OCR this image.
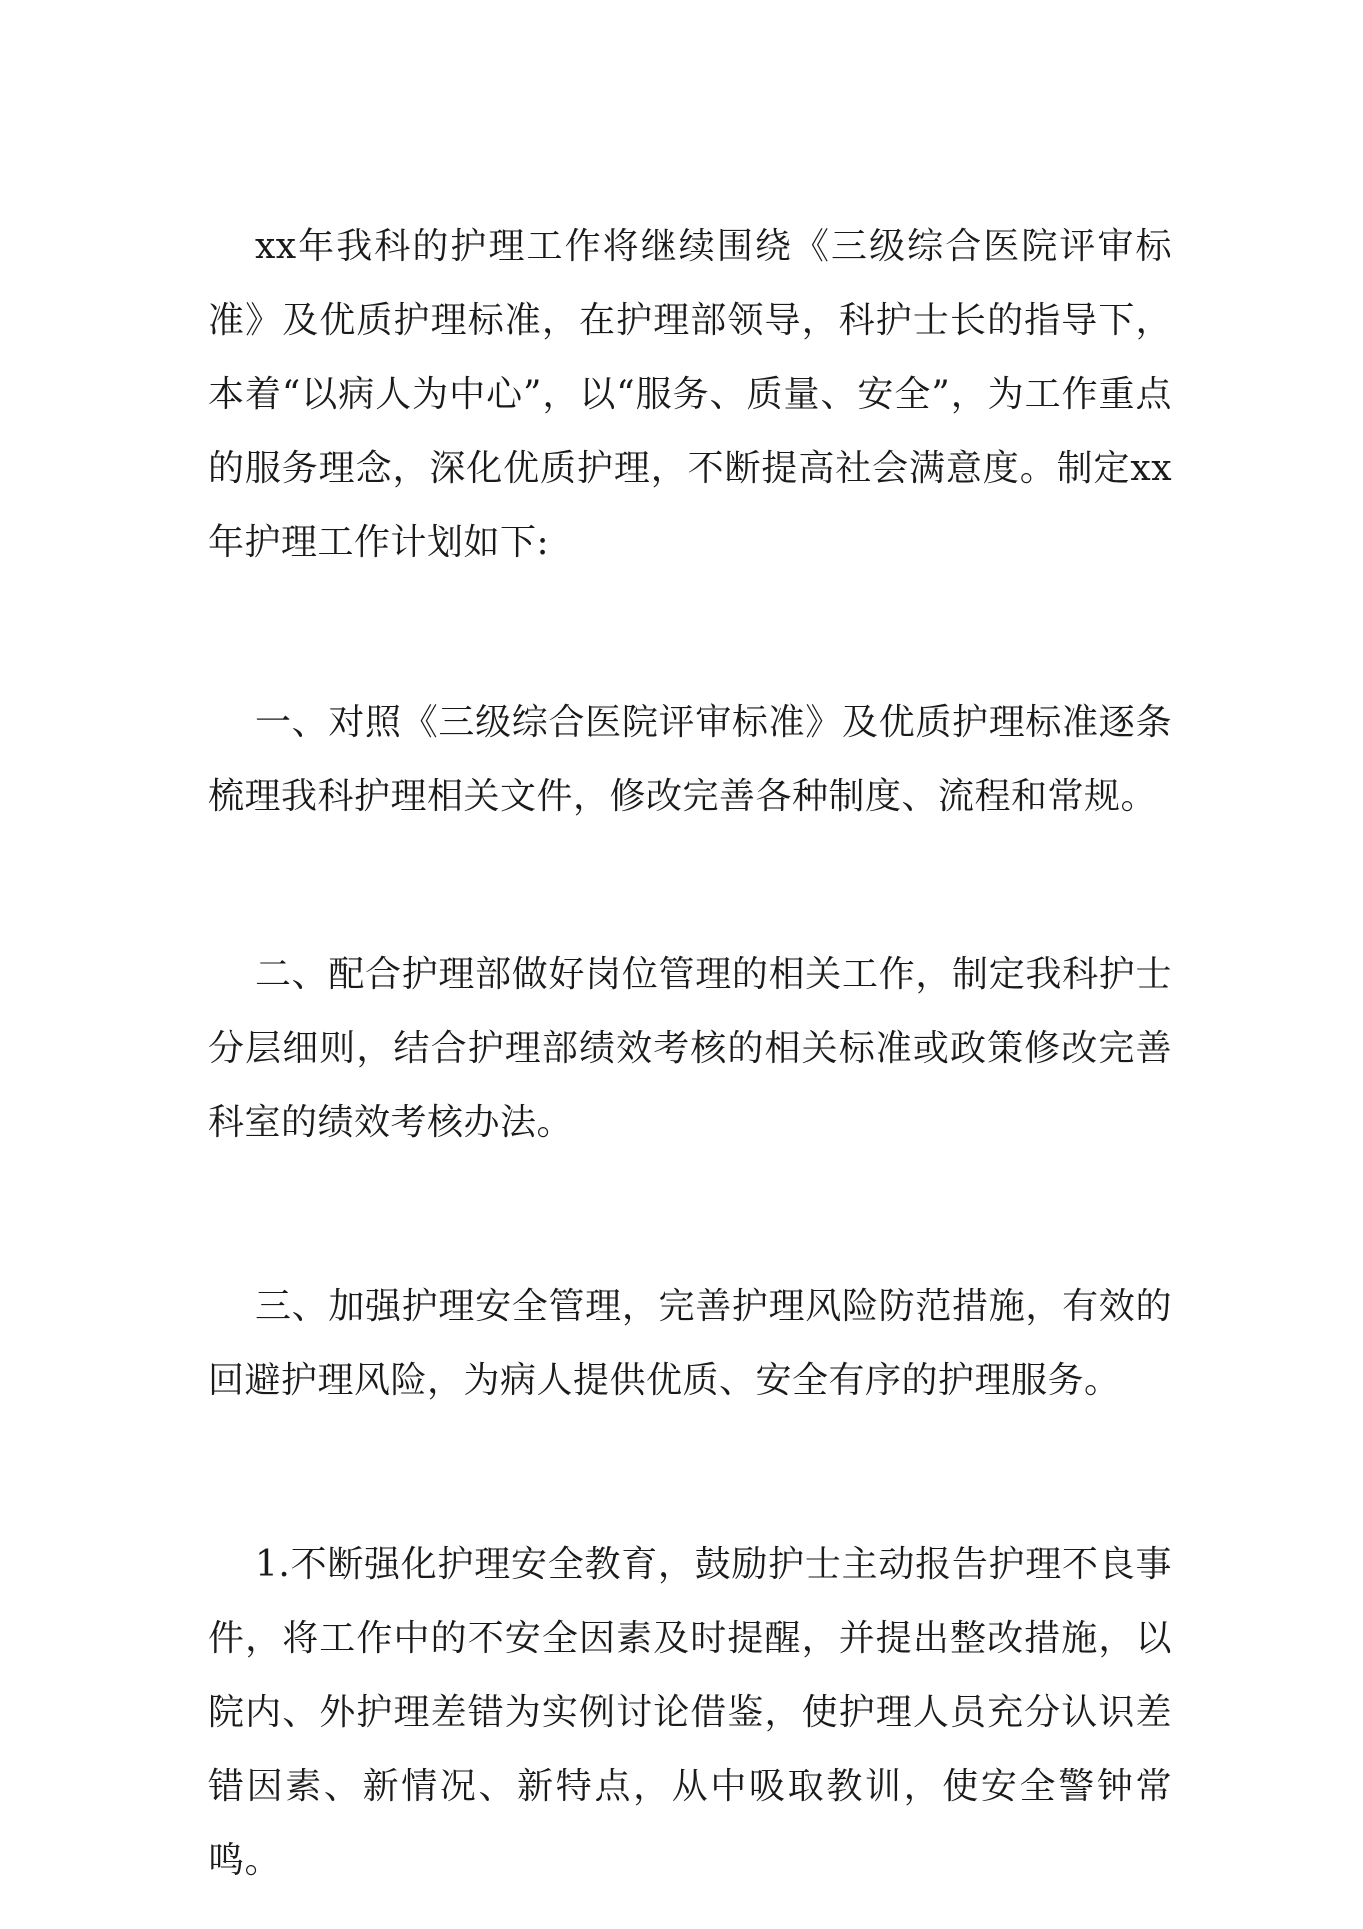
xx年我科的护理工作将继续围绕《三级综合医院评审标准》及优质护理标准，在护理部领导，科护士长的指导下，本着“以病人为中心”，以“服务、质量、安全”，为工作重点的服务理念，深化优质护理，不断提高社会满意度。制定xx年护理工作计划如下:

一、对照《三级综合医院评审标准》及优质护理标准逐条梳理我科护理相关文件，修改完善各种制度、流程和常规。

二、配合护理部做好岗位管理的相关工作，制定我科护士分层细则，结合护理部绩效考核的相关标准或政策修改完善科室的绩效考核办法。

三、加强护理安全管理，完善护理风险防范措施，有效的回避护理风险，为病人提供优质、安全有序的护理服务。

1.不断强化护理安全教育，鼓励护士主动报告护理不良事件，将工作中的不安全因素及时提醒，并提出整改措施，以院内、外护理差错为实例讨论借鉴，使护理人员充分认识差错因素、新情况、新特点，从中吸取教训，使安全警钟常鸣。
